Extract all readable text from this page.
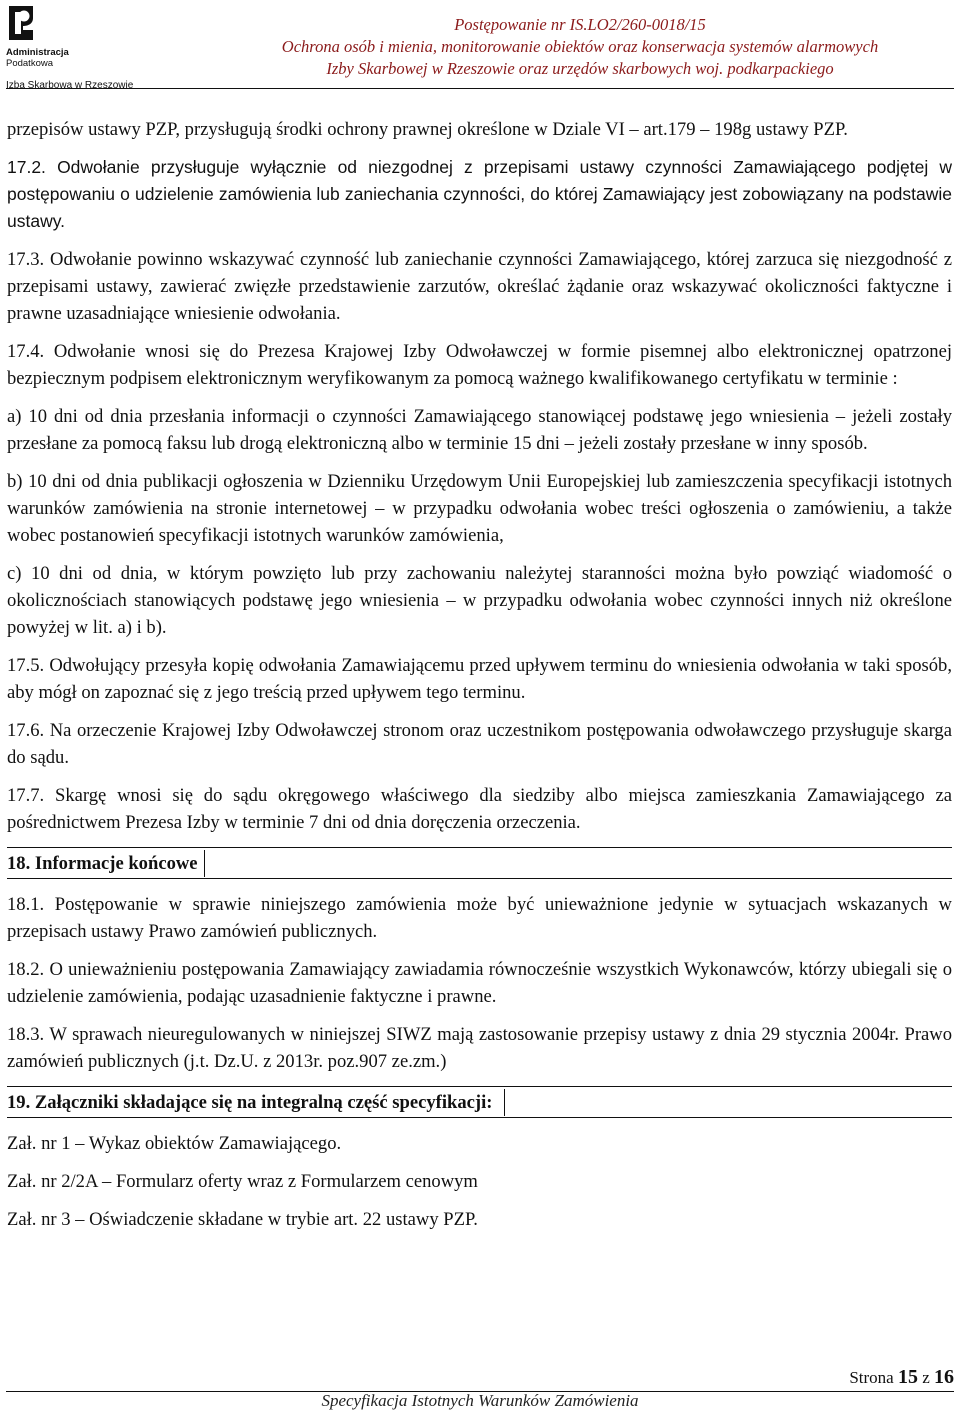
Administracja
Podatkowa
Izba Skarbowa w Rzeszowie
Postępowanie nr IS.LO2/260-0018/15
Ochrona osób i mienia, monitorowanie obiektów oraz konserwacja systemów alarmowych
Izby Skarbowej w Rzeszowie oraz urzędów skarbowych woj. podkarpackiego

przepisów ustawy PZP, przysługują środki ochrony prawnej określone w Dziale VI – art.179 – 198g ustawy PZP.

17.2. Odwołanie przysługuje wyłącznie od niezgodnej z przepisami ustawy czynności Zamawiającego podjętej w postępowaniu o udzielenie zamówienia lub zaniechania czynności, do której Zamawiający jest zobowiązany na podstawie ustawy.

17.3. Odwołanie powinno wskazywać czynność lub zaniechanie czynności Zamawiającego, której zarzuca się niezgodność z przepisami ustawy, zawierać zwięzłe przedstawienie zarzutów, określać żądanie oraz wskazywać okoliczności faktyczne i prawne uzasadniające wniesienie odwołania.

17.4. Odwołanie wnosi się do Prezesa Krajowej Izby Odwoławczej w formie pisemnej albo elektronicznej opatrzonej bezpiecznym podpisem elektronicznym weryfikowanym za pomocą ważnego kwalifikowanego certyfikatu w terminie :

a) 10 dni od dnia przesłania informacji o czynności Zamawiającego stanowiącej podstawę jego wniesienia – jeżeli zostały przesłane za pomocą faksu lub drogą elektroniczną albo w terminie 15 dni – jeżeli zostały przesłane w inny sposób.

b) 10 dni od dnia publikacji ogłoszenia w Dzienniku Urzędowym Unii Europejskiej lub zamieszczenia specyfikacji istotnych warunków zamówienia na stronie internetowej – w przypadku odwołania wobec treści ogłoszenia o zamówieniu, a także wobec postanowień specyfikacji istotnych warunków zamówienia,

c) 10 dni od dnia, w którym powzięto lub przy zachowaniu należytej staranności można było powziąć wiadomość o okolicznościach stanowiących podstawę jego wniesienia – w przypadku odwołania wobec czynności innych niż określone powyżej w lit. a) i b).

17.5. Odwołujący przesyła kopię odwołania Zamawiającemu przed upływem terminu do wniesienia odwołania w taki sposób, aby mógł on zapoznać się z jego treścią przed upływem tego terminu.

17.6. Na orzeczenie Krajowej Izby Odwoławczej stronom oraz uczestnikom postępowania odwoławczego przysługuje skarga do sądu.

17.7. Skargę wnosi się do sądu okręgowego właściwego dla siedziby albo miejsca zamieszkania Zamawiającego za pośrednictwem Prezesa Izby w terminie 7 dni od dnia doręczenia orzeczenia.

18. Informacje końcowe

18.1. Postępowanie w sprawie niniejszego zamówienia może być unieważnione jedynie w sytuacjach wskazanych w przepisach ustawy Prawo zamówień publicznych.

18.2. O unieważnieniu postępowania Zamawiający zawiadamia równocześnie wszystkich Wykonawców, którzy ubiegali się o udzielenie zamówienia, podając uzasadnienie faktyczne i prawne.

18.3. W sprawach nieuregulowanych w niniejszej SIWZ mają zastosowanie przepisy ustawy z dnia 29 stycznia 2004r. Prawo zamówień publicznych (j.t. Dz.U. z 2013r. poz.907 ze.zm.)

19. Załączniki składające się na integralną część specyfikacji:

Zał. nr 1 – Wykaz obiektów Zamawiającego.

Zał. nr 2/2A – Formularz oferty wraz z Formularzem cenowym

Zał. nr 3 – Oświadczenie składane w trybie art. 22 ustawy PZP.

Strona 15 z 16
Specyfikacja Istotnych Warunków Zamówienia
